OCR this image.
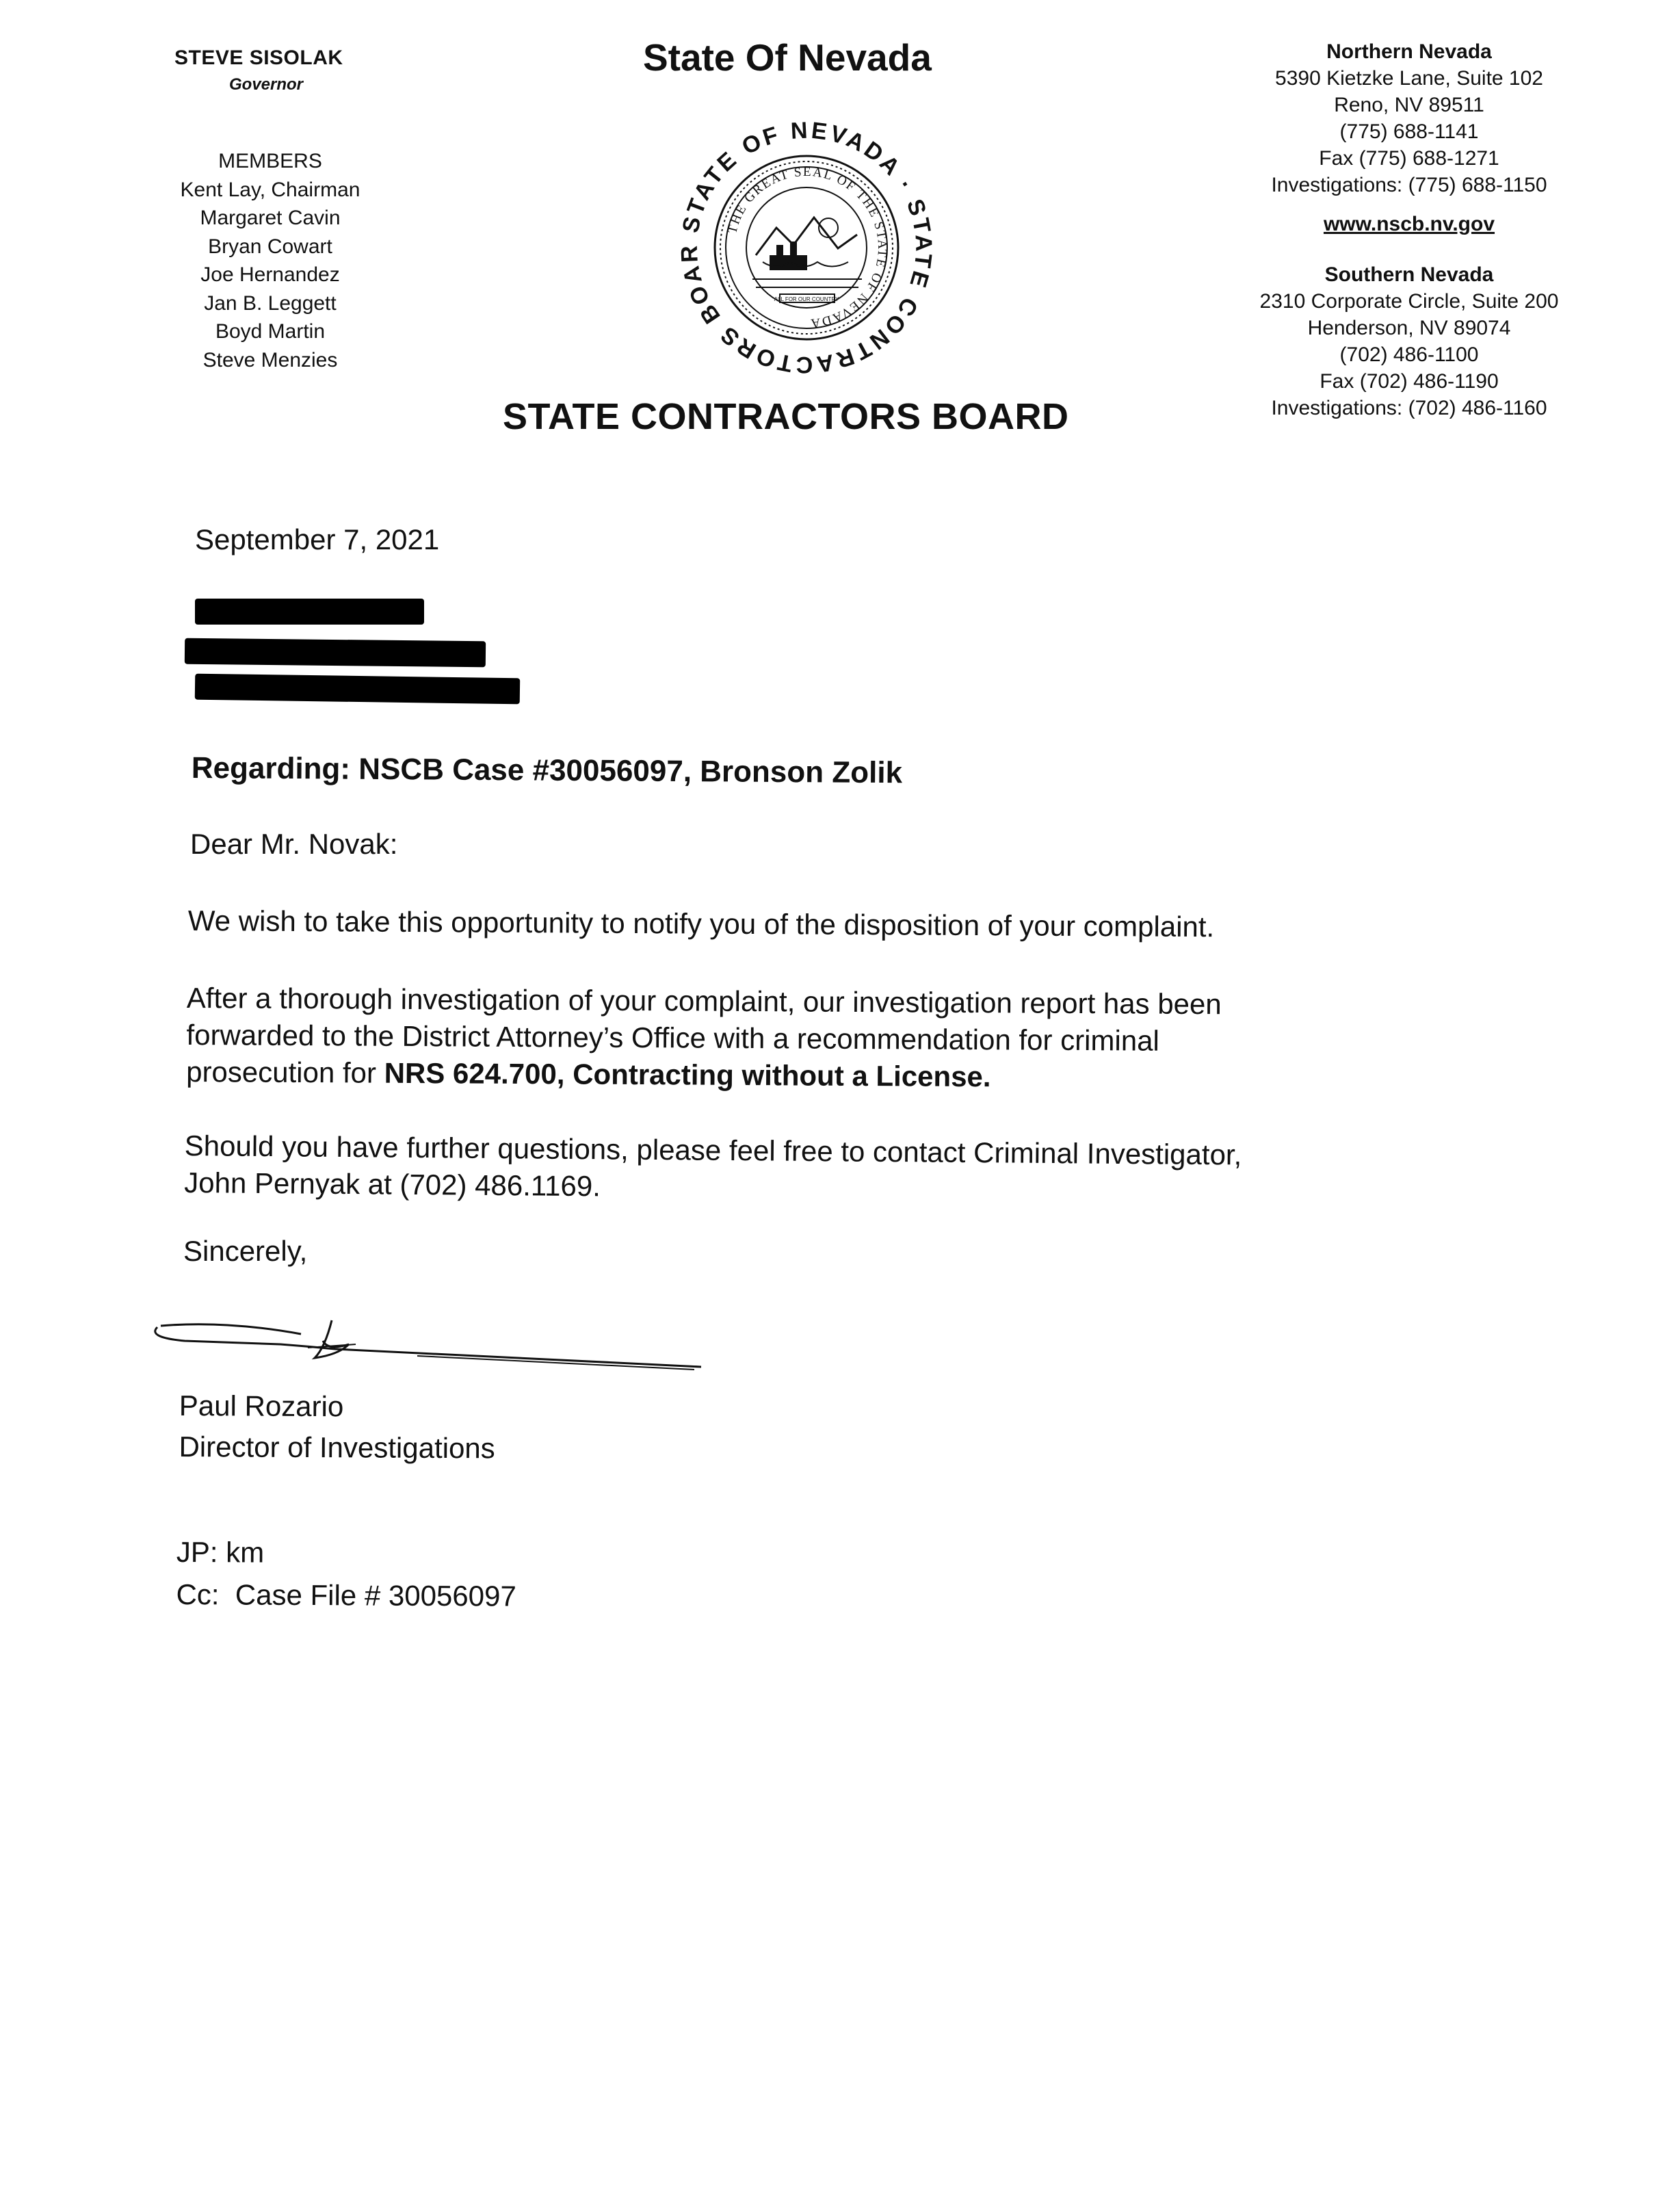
STEVE SISOLAK
Governor
MEMBERS
Kent Lay, Chairman
Margaret Cavin
Bryan Cowart
Joe Hernandez
Jan B. Leggett
Boyd Martin
Steve Menzies
State Of Nevada
STATE OF NEVADA · STATE CONTRACTORS BOAR
THE GREAT SEAL OF THE STATE OF NEVADA
ALL FOR OUR COUNTRY
STATE CONTRACTORS BOARD
Northern Nevada
5390 Kietzke Lane, Suite 102
Reno, NV 89511
(775) 688-1141
Fax (775) 688-1271
Investigations: (775) 688-1150
www.nscb.nv.gov
Southern Nevada
2310 Corporate Circle, Suite 200
Henderson, NV 89074
(702) 486-1100
Fax (702) 486-1190
Investigations: (702) 486-1160
September 7, 2021
Regarding: NSCB Case #30056097, Bronson Zolik
Dear Mr. Novak:
We wish to take this opportunity to notify you of the disposition of your complaint.
After a thorough investigation of your complaint, our investigation report has been
forwarded to the District Attorney’s Office with a recommendation for criminal
prosecution for NRS 624.700, Contracting without a License.
Should you have further questions, please feel free to contact Criminal Investigator,
John Pernyak at (702) 486.1169.
Sincerely,
Paul Rozario
Director of Investigations
JP: km
Cc:  Case File # 30056097
